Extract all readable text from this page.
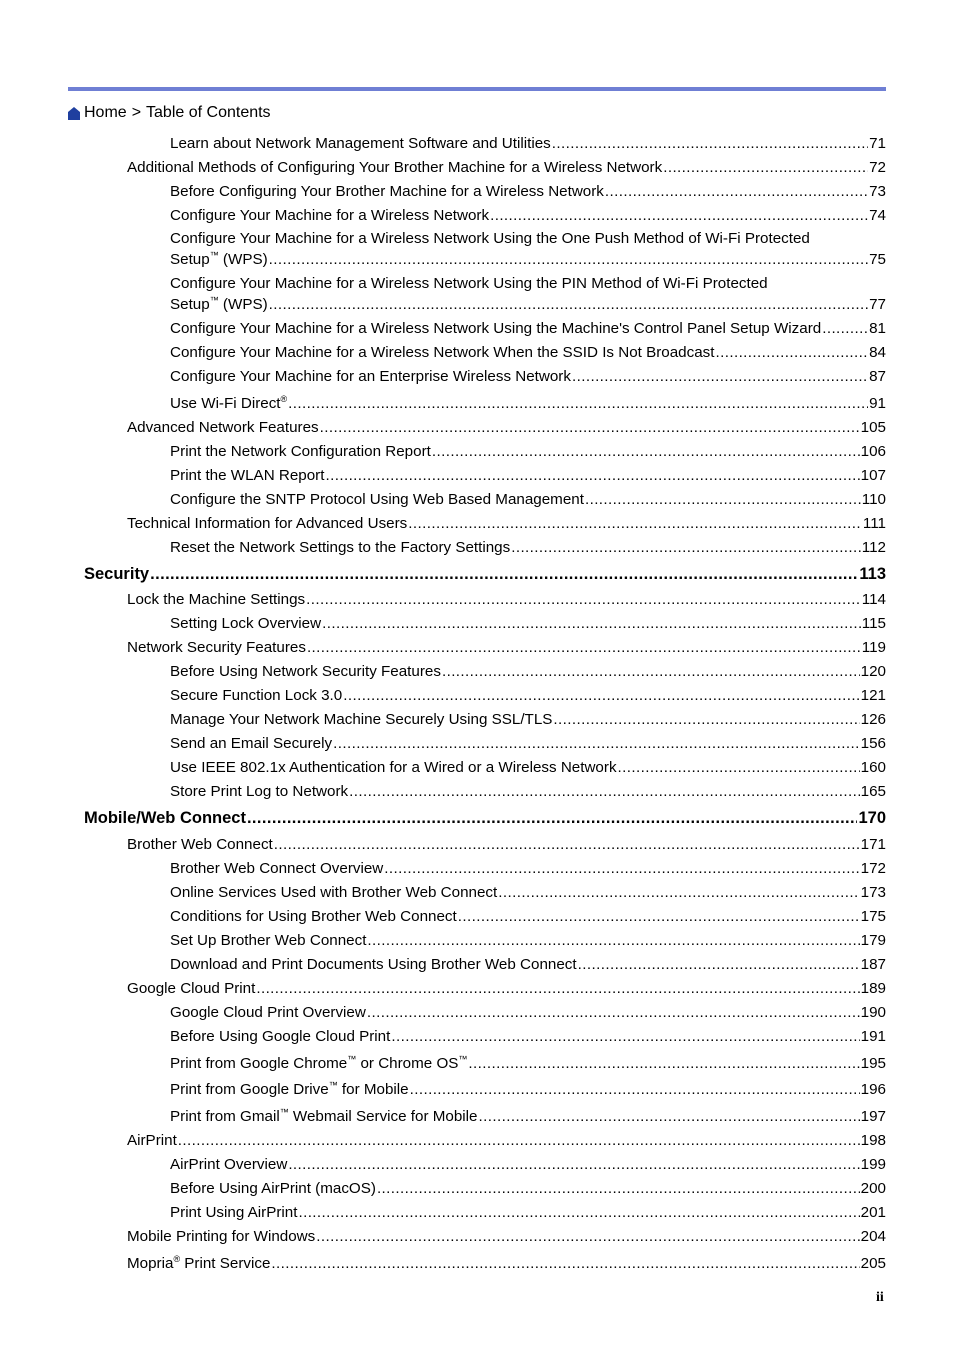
Home > Table of Contents
Learn about Network Management Software and Utilities .....	71
Additional Methods of Configuring Your Brother Machine for a Wireless Network .....	72
Before Configuring Your Brother Machine for a Wireless Network .....	73
Configure Your Machine for a Wireless Network .....	74
Configure Your Machine for a Wireless Network Using the One Push Method of Wi-Fi Protected
Setup™ (WPS) .....	75
Configure Your Machine for a Wireless Network Using the PIN Method of Wi-Fi Protected
Setup™ (WPS) .....	77
Configure Your Machine for a Wireless Network Using the Machine's Control Panel Setup Wizard .....	81
Configure Your Machine for a Wireless Network When the SSID Is Not Broadcast .....	84
Configure Your Machine for an Enterprise Wireless Network .....	87
Use Wi-Fi Direct® .....	91
Advanced Network Features .....	105
Print the Network Configuration Report .....	106
Print the WLAN Report .....	107
Configure the SNTP Protocol Using Web Based Management .....	110
Technical Information for Advanced Users .....	111
Reset the Network Settings to the Factory Settings .....	112
Security .....	113
Lock the Machine Settings .....	114
Setting Lock Overview .....	115
Network Security Features .....	119
Before Using Network Security Features .....	120
Secure Function Lock 3.0 .....	121
Manage Your Network Machine Securely Using SSL/TLS .....	126
Send an Email Securely .....	156
Use IEEE 802.1x Authentication for a Wired or a Wireless Network .....	160
Store Print Log to Network .....	165
Mobile/Web Connect .....	170
Brother Web Connect .....	171
Brother Web Connect Overview .....	172
Online Services Used with Brother Web Connect .....	173
Conditions for Using Brother Web Connect .....	175
Set Up Brother Web Connect .....	179
Download and Print Documents Using Brother Web Connect .....	187
Google Cloud Print .....	189
Google Cloud Print Overview .....	190
Before Using Google Cloud Print .....	191
Print from Google Chrome™ or Chrome OS™ .....	195
Print from Google Drive™ for Mobile .....	196
Print from Gmail™ Webmail Service for Mobile .....	197
AirPrint .....	198
AirPrint Overview .....	199
Before Using AirPrint (macOS) .....	200
Print Using AirPrint .....	201
Mobile Printing for Windows .....	204
Mopria® Print Service .....	205
ii
